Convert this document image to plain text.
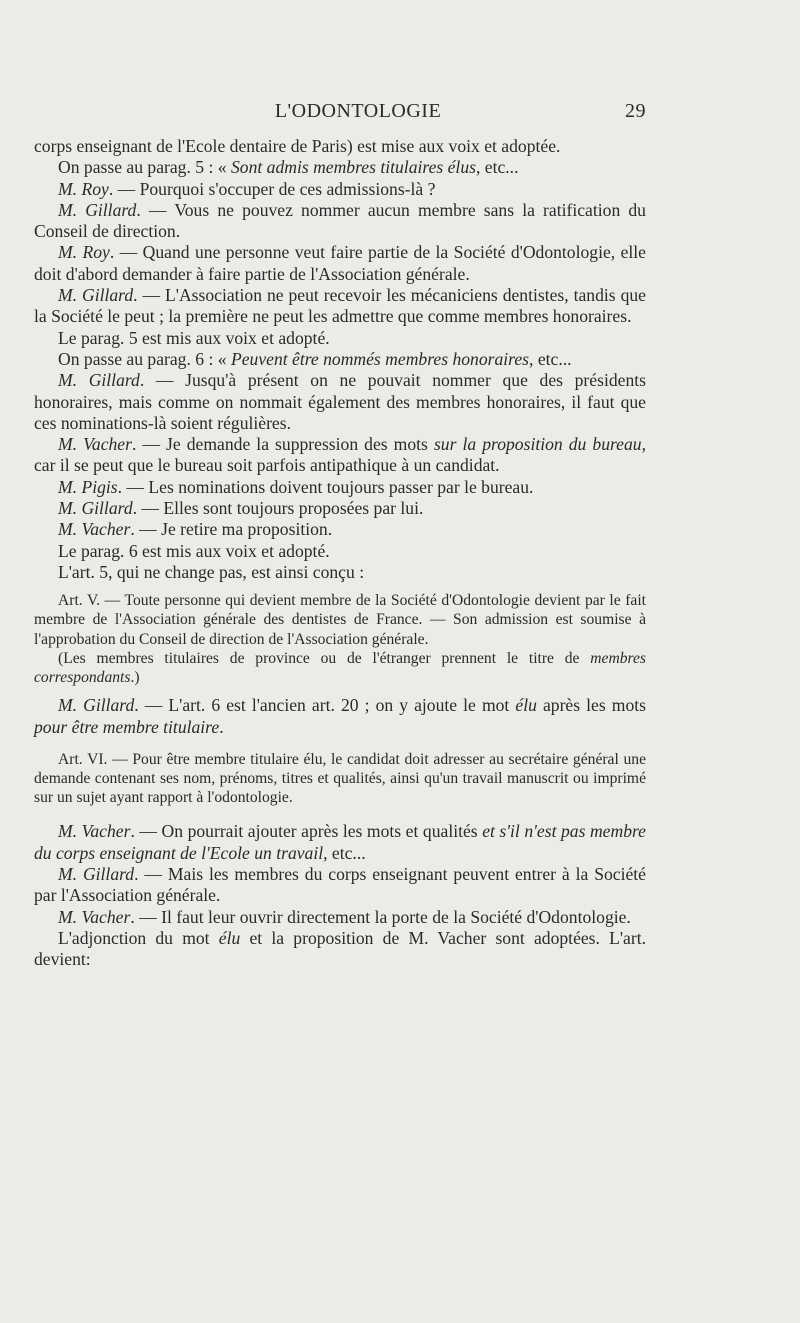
L'ODONTOLOGIE	29

corps enseignant de l'Ecole dentaire de Paris) est mise aux voix et adoptée.

On passe au parag. 5 : « Sont admis membres titulaires élus, etc...

M. Roy. — Pourquoi s'occuper de ces admissions-là ?

M. Gillard. — Vous ne pouvez nommer aucun membre sans la ratification du Conseil de direction.

M. Roy. — Quand une personne veut faire partie de la Société d'Odontologie, elle doit d'abord demander à faire partie de l'Association générale.

M. Gillard. — L'Association ne peut recevoir les mécaniciens dentistes, tandis que la Société le peut ; la première ne peut les admettre que comme membres honoraires.

Le parag. 5 est mis aux voix et adopté.

On passe au parag. 6 : « Peuvent être nommés membres honoraires, etc...

M. Gillard. — Jusqu'à présent on ne pouvait nommer que des présidents honoraires, mais comme on nommait également des membres honoraires, il faut que ces nominations-là soient régulières.

M. Vacher. — Je demande la suppression des mots sur la proposition du bureau, car il se peut que le bureau soit parfois antipathique à un candidat.

M. Pigis. — Les nominations doivent toujours passer par le bureau.

M. Gillard. — Elles sont toujours proposées par lui.

M. Vacher. — Je retire ma proposition.

Le parag. 6 est mis aux voix et adopté.

L'art. 5, qui ne change pas, est ainsi conçu :

Art. V. — Toute personne qui devient membre de la Société d'Odontologie devient par le fait membre de l'Association générale des dentistes de France. — Son admission est soumise à l'approbation du Conseil de direction de l'Association générale.

(Les membres titulaires de province ou de l'étranger prennent le titre de membres correspondants.)

M. Gillard. — L'art. 6 est l'ancien art. 20 ; on y ajoute le mot élu après les mots pour être membre titulaire.

Art. VI. — Pour être membre titulaire élu, le candidat doit adresser au secrétaire général une demande contenant ses nom, prénoms, titres et qualités, ainsi qu'un travail manuscrit ou imprimé sur un sujet ayant rapport à l'odontologie.

M. Vacher. — On pourrait ajouter après les mots et qualités et s'il n'est pas membre du corps enseignant de l'Ecole un travail, etc...

M. Gillard. — Mais les membres du corps enseignant peuvent entrer à la Société par l'Association générale.

M. Vacher. — Il faut leur ouvrir directement la porte de la Société d'Odontologie.

L'adjonction du mot élu et la proposition de M. Vacher sont adoptées. L'art. devient:
